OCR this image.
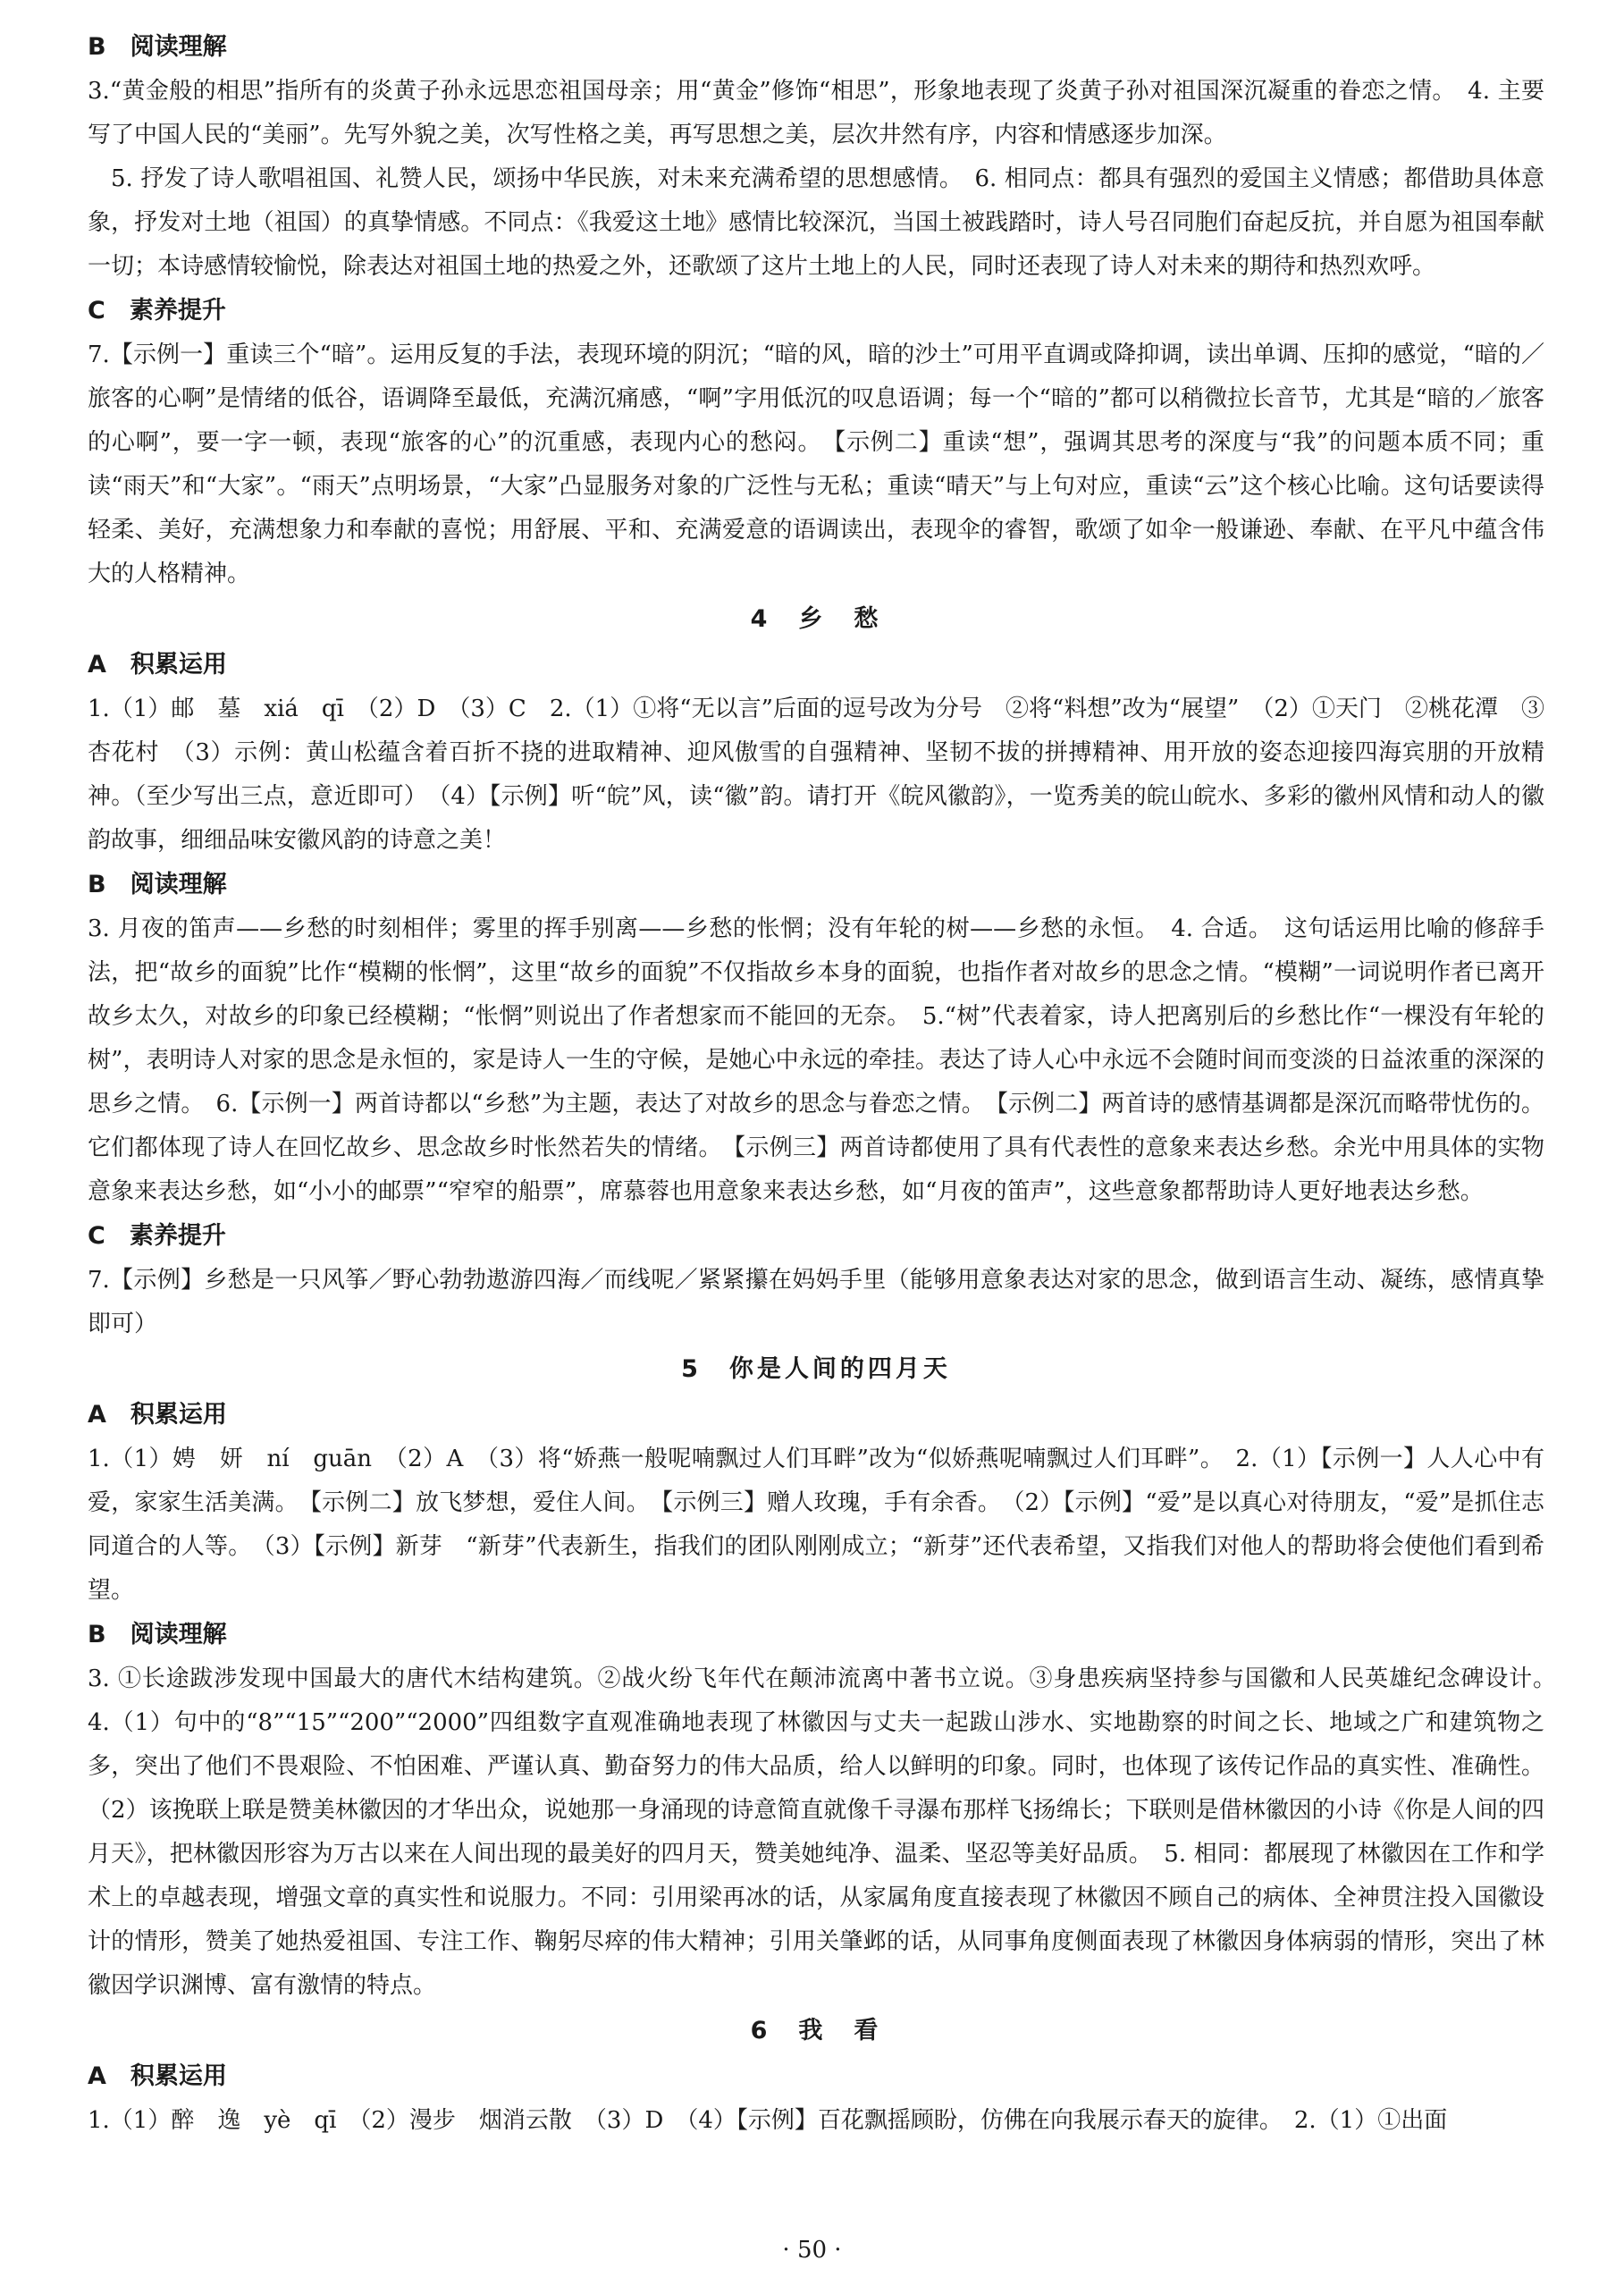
B　阅读理解

3.“黄金般的相思”指所有的炎黄子孙永远思恋祖国母亲；用“黄金”修饰“相思”，形象地表现了炎黄子孙对祖国深沉凝重的眷恋之情。　4. 主要写了中国人民的“美丽”。先写外貌之美，次写性格之美，再写思想之美，层次井然有序，内容和情感逐步加深。

5. 抒发了诗人歌唱祖国、礼赞人民，颂扬中华民族，对未来充满希望的思想感情。　6. 相同点：都具有强烈的爱国主义情感；都借助具体意象，抒发对土地（祖国）的真挚情感。不同点：《我爱这土地》感情比较深沉，当国土被践踏时，诗人号召同胞们奋起反抗，并自愿为祖国奉献一切；本诗感情较愉悦，除表达对祖国土地的热爱之外，还歌颂了这片土地上的人民，同时还表现了诗人对未来的期待和热烈欢呼。

C　素养提升

7.【示例一】重读三个“暗”。运用反复的手法，表现环境的阴沉；“暗的风，暗的沙土”可用平直调或降抑调，读出单调、压抑的感觉，“暗的／旅客的心啊”是情绪的低谷，语调降至最低，充满沉痛感，“啊”字用低沉的叹息语调；每一个“暗的”都可以稍微拉长音节，尤其是“暗的／旅客的心啊”，要一字一顿，表现“旅客的心”的沉重感，表现内心的愁闷。　【示例二】重读“想”，强调其思考的深度与“我”的问题本质不同；重读“雨天”和“大家”。“雨天”点明场景，“大家”凸显服务对象的广泛性与无私；重读“晴天”与上句对应，重读“云”这个核心比喻。这句话要读得轻柔、美好，充满想象力和奉献的喜悦；用舒展、平和、充满爱意的语调读出，表现伞的睿智，歌颂了如伞一般谦逊、奉献、在平凡中蕴含伟大的人格精神。

4　乡　愁

A　积累运用

1.（1）邮　墓　xiá　qī　（2）D　（3）C　2.（1）①将“无以言”后面的逗号改为分号　②将“料想”改为“展望”　（2）①天门　②桃花潭　③杏花村　（3）示例：黄山松蕴含着百折不挠的进取精神、迎风傲雪的自强精神、坚韧不拔的拼搏精神、用开放的姿态迎接四海宾朋的开放精神。（至少写出三点，意近即可）　（4）【示例】听“皖”风，读“徽”韵。请打开《皖风徽韵》，一览秀美的皖山皖水、多彩的徽州风情和动人的徽韵故事，细细品味安徽风韵的诗意之美！

B　阅读理解

3. 月夜的笛声——乡愁的时刻相伴；雾里的挥手别离——乡愁的怅惘；没有年轮的树——乡愁的永恒。　4. 合适。　这句话运用比喻的修辞手法，把“故乡的面貌”比作“模糊的怅惘”，这里“故乡的面貌”不仅指故乡本身的面貌，也指作者对故乡的思念之情。“模糊”一词说明作者已离开故乡太久，对故乡的印象已经模糊；“怅惘”则说出了作者想家而不能回的无奈。　5.“树”代表着家，诗人把离别后的乡愁比作“一棵没有年轮的树”，表明诗人对家的思念是永恒的，家是诗人一生的守候，是她心中永远的牵挂。表达了诗人心中永远不会随时间而变淡的日益浓重的深深的思乡之情。　6.【示例一】两首诗都以“乡愁”为主题，表达了对故乡的思念与眷恋之情。　【示例二】两首诗的感情基调都是深沉而略带忧伤的。它们都体现了诗人在回忆故乡、思念故乡时怅然若失的情绪。　【示例三】两首诗都使用了具有代表性的意象来表达乡愁。余光中用具体的实物意象来表达乡愁，如“小小的邮票”“窄窄的船票”，席慕蓉也用意象来表达乡愁，如“月夜的笛声”，这些意象都帮助诗人更好地表达乡愁。

C　素养提升

7.【示例】乡愁是一只风筝／野心勃勃遨游四海／而线呢／紧紧攥在妈妈手里（能够用意象表达对家的思念，做到语言生动、凝练，感情真挚即可）

5　你是人间的四月天

A　积累运用

1.（1）娉　妍　ní　guān　（2）A　（3）将“娇燕一般呢喃飘过人们耳畔”改为“似娇燕呢喃飘过人们耳畔”。　2.（1）【示例一】人人心中有爱，家家生活美满。　【示例二】放飞梦想，爱住人间。　【示例三】赠人玫瑰，手有余香。　（2）【示例】“爱”是以真心对待朋友，“爱”是抓住志同道合的人等。　（3）【示例】新芽　“新芽”代表新生，指我们的团队刚刚成立；“新芽”还代表希望，又指我们对他人的帮助将会使他们看到希望。

B　阅读理解

3. ①长途跋涉发现中国最大的唐代木结构建筑。②战火纷飞年代在颠沛流离中著书立说。③身患疾病坚持参与国徽和人民英雄纪念碑设计。　4.（1）句中的“8”“15”“200”“2000”四组数字直观准确地表现了林徽因与丈夫一起跋山涉水、实地勘察的时间之长、地域之广和建筑物之多，突出了他们不畏艰险、不怕困难、严谨认真、勤奋努力的伟大品质，给人以鲜明的印象。同时，也体现了该传记作品的真实性、准确性。（2）该挽联上联是赞美林徽因的才华出众，说她那一身涌现的诗意简直就像千寻瀑布那样飞扬绵长；下联则是借林徽因的小诗《你是人间的四月天》，把林徽因形容为万古以来在人间出现的最美好的四月天，赞美她纯净、温柔、坚忍等美好品质。　5. 相同：都展现了林徽因在工作和学术上的卓越表现，增强文章的真实性和说服力。不同：引用梁再冰的话，从家属角度直接表现了林徽因不顾自己的病体、全神贯注投入国徽设计的情形，赞美了她热爱祖国、专注工作、鞠躬尽瘁的伟大精神；引用关肇邺的话，从同事角度侧面表现了林徽因身体病弱的情形，突出了林徽因学识渊博、富有激情的特点。

6　我　看

A　积累运用

1.（1）醉　逸　yè　qī　（2）漫步　烟消云散　（3）D　（4）【示例】百花飘摇顾盼，仿佛在向我展示春天的旋律。　2.（1）①出面

· 50 ·
